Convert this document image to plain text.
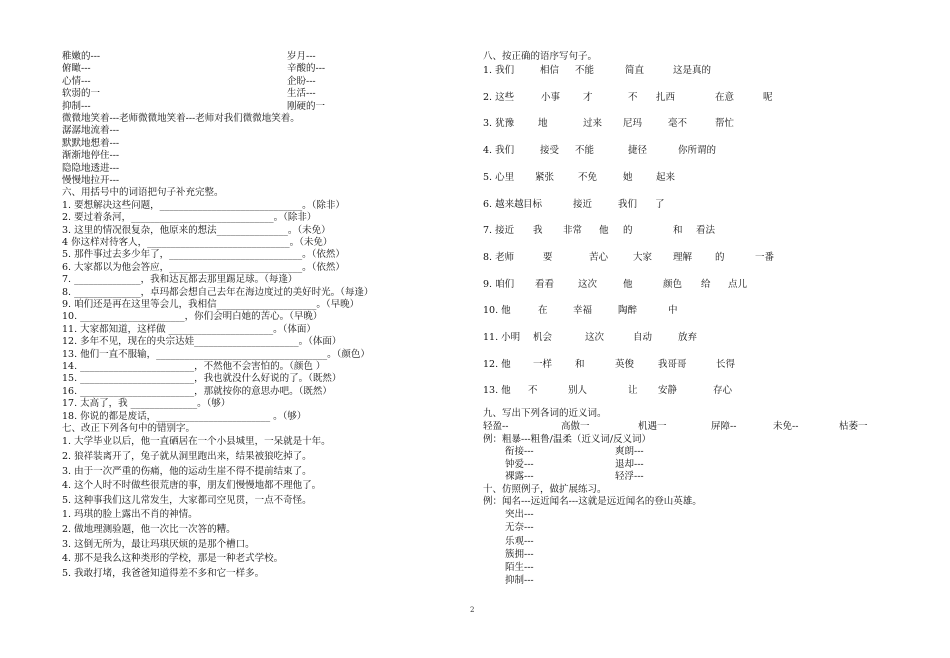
稚嫩的---	岁月---
俯瞰---	辛酸的---
心情---	企盼---
软弱的一	生活---
抑制---	刚硬的一
微微地笑着---老师微微地笑着---老师对我们微微地笑着。
潺潺地流着---
默默地想着---
渐渐地停住---
隐隐地透进---
慢慢地拉开---
六、用括号中的词语把句子补充完整。
1. 要想解决这些问题，______________________________。（除非）
2. 要过着条河，______________________________。（除非）
3. 这里的情况很复杂，他原来的想法_______________。（未免）
4 你这样对待客人，______________________________。（未免）
5. 那件事过去多少年了，____________________________。（依然）
6. 大家都以为他会答应，____________________________。（依然）
7. ______________，我和达瓦都去那里踢足球。（每逢）
8. ______________，卓玛都会想自己去年在海边度过的美好时光。（每逢）
9. 咱们还是再在这里等会儿，我相信_____________________。（早晚）
10. ______________________，你们会明白她的苦心。（早晚）
11. 大家都知道，这样做 ______________________。（体面）
12. 多年不见，现在的央宗达娃______________________。（体面）
13. 他们一直不服输，____________________________________。（颜色）
14. ________________________，不然他不会害怕的。（颜色 ）
15. ________________________，我也就没什么好说的了。（既然）
16. ________________________，那就按你的意思办吧。（既然）
17. 太高了，我 ______________。（够）
18. 你说的都是废话，________________________ 。（够）
七、改正下列各句中的错别字。
1. 大学毕业以后，他一直硒居在一个小县城里，一呆就是十年。
2. 狼祥装离开了，兔子就从洞里跑出来，结果被狼吃掉了。
3. 由于一次严重的伤痛，他的运动生崖不得不提前结束了。
4. 这个人时不时做些很荒唐的事，朋友们慢慢地都不理他了。
5. 这种事我们这儿常发生，大家都司空见贯，一点不奇怪。
1. 玛琪的脸上露出不肖的神情。
2. 做地理测验题，他一次比一次答的糟。
3. 这倒无所为，最让玛琪厌烦的是那个槽口。
4. 那不是我么这种类形的学校，那是一种老式学校。
5. 我敢打堵，我爸爸知道得差不多和它一样多。
八、按正确的语序写句子。
1. 我们	相信 不能	简直	这是真的
2. 这些	小事 才	不 扎西	在意	呢
3. 犹豫	地	过来 尼玛	毫不	帮忙
4. 我们	接受 不能	捷径	你所谓的
5. 心里 紧张	不免	她 起来
6. 越来越 目标	接近	我们 了
7. 接近 我 非常 他 的	和 看法
8. 老师	要	苦心	大家 理解 的	一番
9. 咱们 看看	这次	他	颜色 给 点儿
10. 他	在	幸福	陶醉	中
11. 小明 机会	这次	自动	放弃
12. 他 一样 和	英俊	我哥哥	长得
13. 他 不	别人	让 安静	存心
九、写出下列各词的近义词。
轻盈--	高傲一	机遇一	屏障--	未免--	枯萎一
例：粗暴---粗鲁/温柔（近义词/反义词）
衔接---	爽朗---
钟爱---	退却---
裸露---	轻浮---
十、仿照例子，做扩展练习。
例：闻名---远近闻名---这就是远近闻名的登山英雄。
突出---
无奈---
乐观---
簇拥---
陌生---
抑制---
2
